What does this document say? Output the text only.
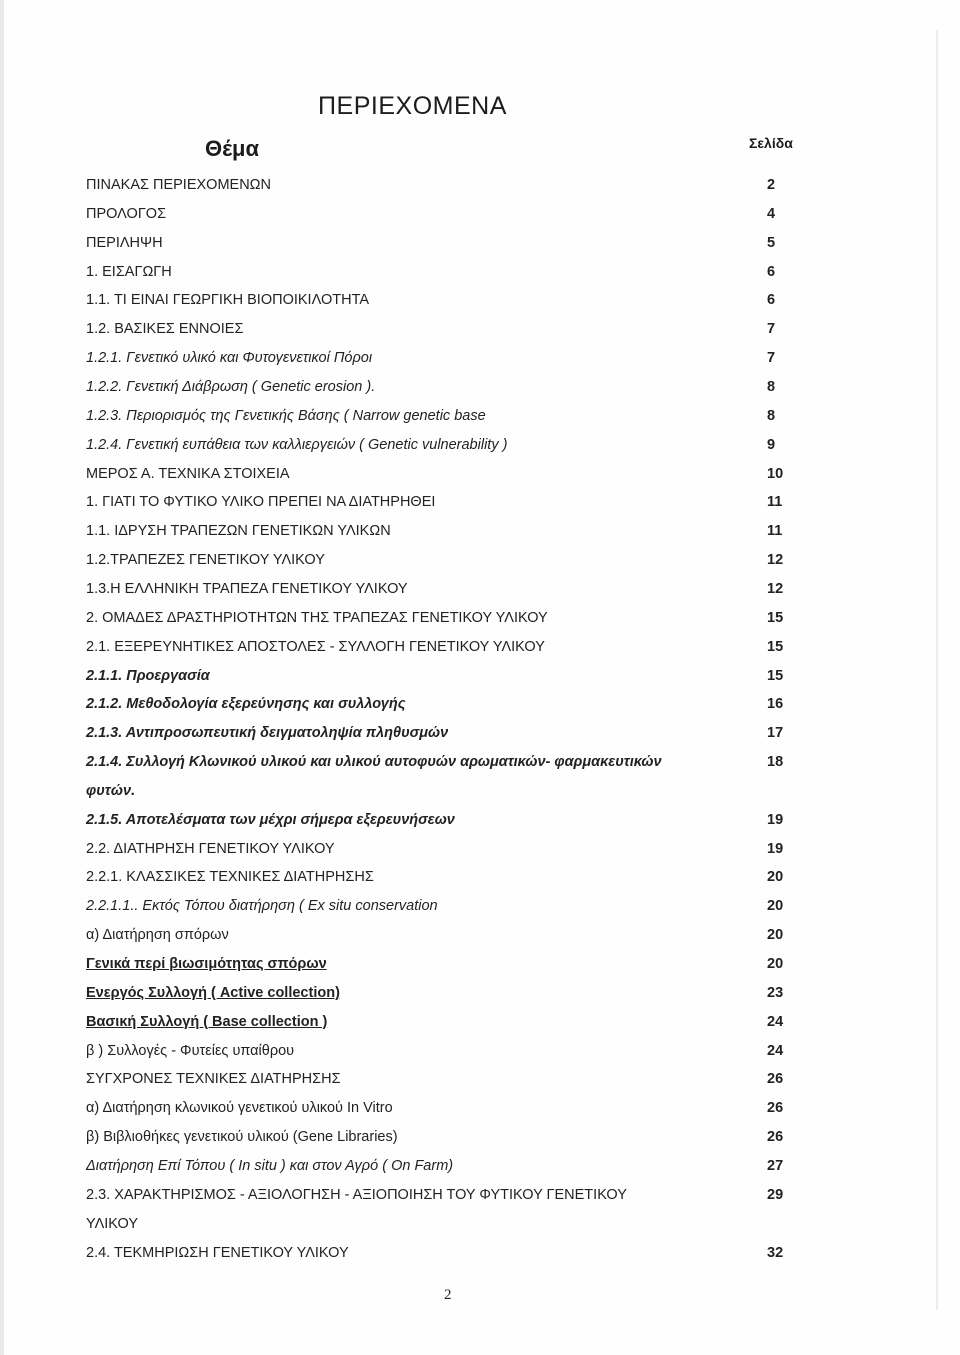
ΠΕΡΙΕΧΟΜΕΝΑ
Θέμα	Σελίδα
ΠΙΝΑΚΑΣ ΠΕΡΙΕΧΟΜΕΝΩΝ	2
ΠΡΟΛΟΓΟΣ	4
ΠΕΡΙΛΗΨΗ	5
1. ΕΙΣΑΓΩΓΗ	6
1.1. ΤΙ ΕΙΝΑΙ ΓΕΩΡΓΙΚΗ ΒΙΟΠΟΙΚΙΛΟΤΗΤΑ	6
1.2. ΒΑΣΙΚΕΣ ΕΝΝΟΙΕΣ	7
1.2.1. Γενετικό υλικό και Φυτογενετικοί Πόροι	7
1.2.2. Γενετική Διάβρωση ( Genetic erosion ).	8
1.2.3. Περιορισμός της Γενετικής Βάσης ( Narrow genetic base	8
1.2.4. Γενετική ευπάθεια των καλλιεργειών ( Genetic vulnerability )	9
ΜΕΡΟΣ Α. ΤΕΧΝΙΚΑ ΣΤΟΙΧΕΙΑ	10
1. ΓΙΑΤΙ ΤΟ ΦΥΤΙΚΟ ΥΛΙΚΟ ΠΡΕΠΕΙ ΝΑ ΔΙΑΤΗΡΗΘΕΙ	11
1.1. ΙΔΡΥΣΗ ΤΡΑΠΕΖΩΝ ΓΕΝΕΤΙΚΩΝ ΥΛΙΚΩΝ	11
1.2.ΤΡΑΠΕΖΕΣ ΓΕΝΕΤΙΚΟΥ ΥΛΙΚΟΥ	12
1.3.Η ΕΛΛΗΝΙΚΗ ΤΡΑΠΕΖΑ ΓΕΝΕΤΙΚΟΥ ΥΛΙΚΟΥ	12
2. ΟΜΑΔΕΣ ΔΡΑΣΤΗΡΙΟΤΗΤΩΝ ΤΗΣ ΤΡΑΠΕΖΑΣ ΓΕΝΕΤΙΚΟΥ ΥΛΙΚΟΥ	15
2.1. ΕΞΕΡΕΥΝΗΤΙΚΕΣ ΑΠΟΣΤΟΛΕΣ - ΣΥΛΛΟΓΗ ΓΕΝΕΤΙΚΟΥ ΥΛΙΚΟΥ	15
2.1.1. Προεργασία	15
2.1.2. Μεθοδολογία εξερεύνησης και συλλογής	16
2.1.3. Αντιπροσωπευτική δειγματοληψία πληθυσμών	17
2.1.4. Συλλογή Κλωνικού υλικού και υλικού αυτοφυών αρωματικών- φαρμακευτικών	18
φυτών.
2.1.5. Αποτελέσματα των μέχρι σήμερα εξερευνήσεων	19
2.2. ΔΙΑΤΗΡΗΣΗ ΓΕΝΕΤΙΚΟΥ ΥΛΙΚΟΥ	19
2.2.1. ΚΛΑΣΣΙΚΕΣ ΤΕΧΝΙΚΕΣ ΔΙΑΤΗΡΗΣΗΣ	20
2.2.1.1.. Εκτός Τόπου διατήρηση ( Ex situ conservation	20
α) Διατήρηση σπόρων	20
Γενικά περί βιωσιμότητας σπόρων	20
Ενεργός Συλλογή ( Active collection)	23
Βασική Συλλογή ( Base collection )	24
β ) Συλλογές - Φυτείες υπαίθρου	24
ΣΥΓΧΡΟΝΕΣ ΤΕΧΝΙΚΕΣ ΔΙΑΤΗΡΗΣΗΣ	26
α) Διατήρηση κλωνικού γενετικού υλικού In Vitro	26
β) Βιβλιοθήκες γενετικού υλικού (Gene Libraries)	26
Διατήρηση Επί Τόπου ( In situ ) και στον Αγρό ( On Farm)	27
2.3. ΧΑΡΑΚΤΗΡΙΣΜΟΣ - ΑΞΙΟΛΟΓΗΣΗ - ΑΞΙΟΠΟΙΗΣΗ ΤΟΥ ΦΥΤΙΚΟΥ ΓΕΝΕΤΙΚΟΥ	29
ΥΛΙΚΟΥ
2.4. ΤΕΚΜΗΡΙΩΣΗ ΓΕΝΕΤΙΚΟΥ ΥΛΙΚΟΥ	32
2
